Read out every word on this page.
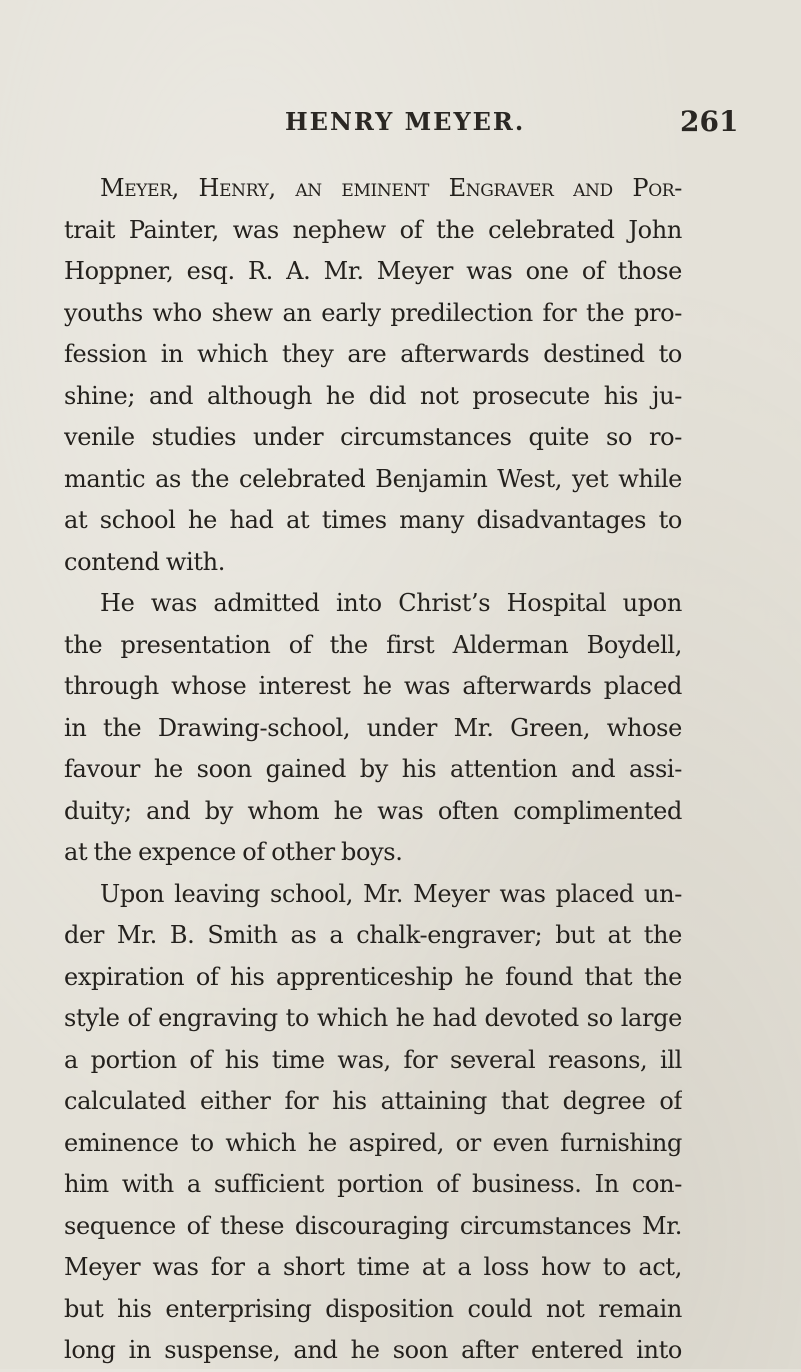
HENRY MEYER.	261
Meyer, Henry, an eminent Engraver and Por-
trait Painter, was nephew of the celebrated John
Hoppner, esq. R. A. Mr. Meyer was one of those
youths who shew an early predilection for the pro-
fession in which they are afterwards destined to
shine; and although he did not prosecute his ju-
venile studies under circumstances quite so ro-
mantic as the celebrated Benjamin West, yet while
at school he had at times many disadvantages to
contend with.
He was admitted into Christ’s Hospital upon
the presentation of the first Alderman Boydell,
through whose interest he was afterwards placed
in the Drawing-school, under Mr. Green, whose
favour he soon gained by his attention and assi-
duity; and by whom he was often complimented
at the expence of other boys.
Upon leaving school, Mr. Meyer was placed un-
der Mr. B. Smith as a chalk-engraver; but at the
expiration of his apprenticeship he found that the
style of engraving to which he had devoted so large
a portion of his time was, for several reasons, ill
calculated either for his attaining that degree of
eminence to which he aspired, or even furnishing
him with a sufficient portion of business. In con-
sequence of these discouraging circumstances Mr.
Meyer was for a short time at a loss how to act,
but his enterprising disposition could not remain
long in suspense, and he soon after entered into
